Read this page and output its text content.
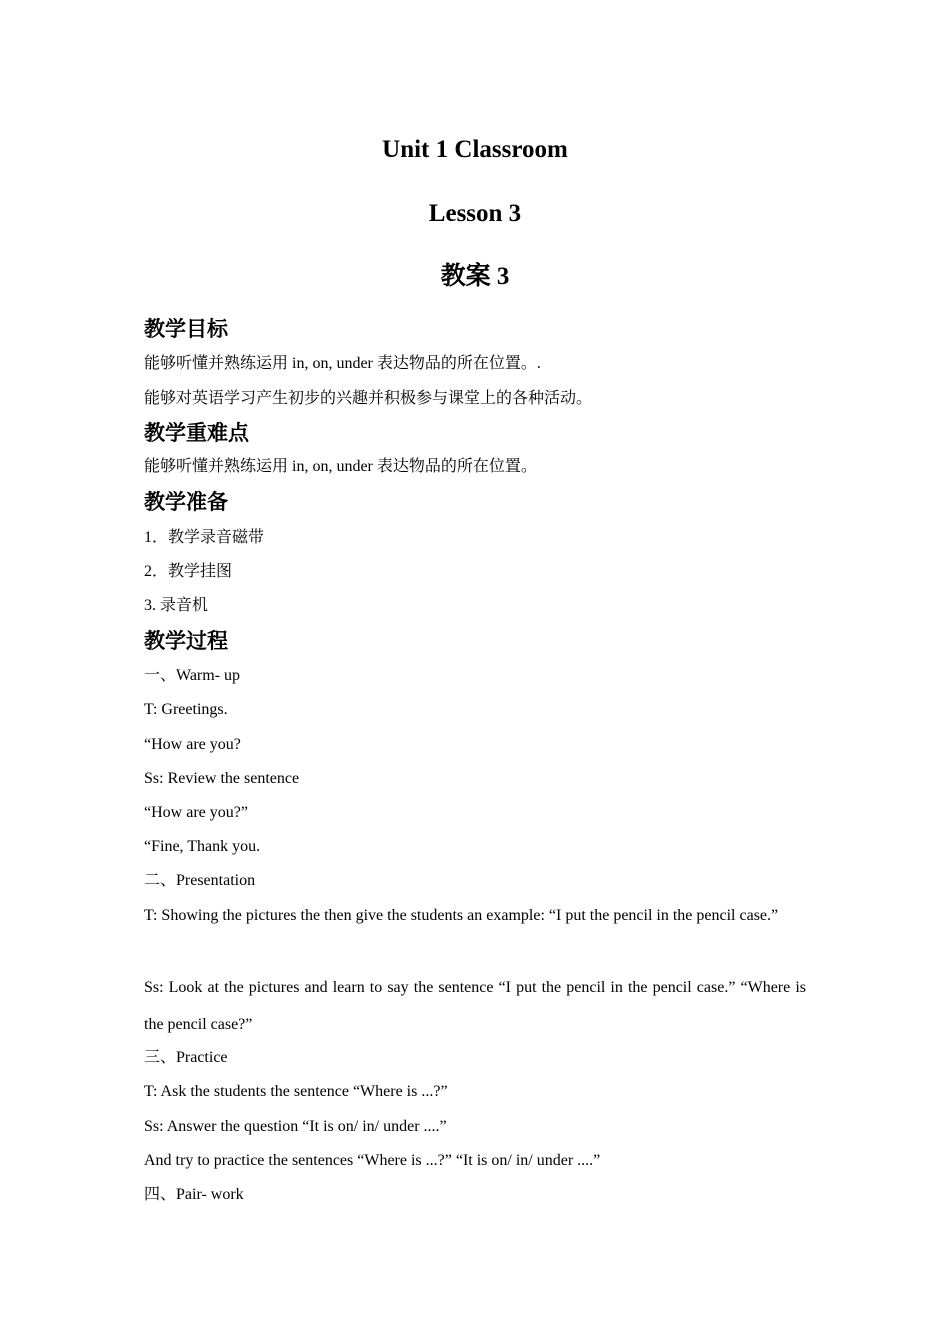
Unit 1 Classroom
Lesson 3
教案 3
教学目标
能够听懂并熟练运用 in, on, under 表达物品的所在位置。.
能够对英语学习产生初步的兴趣并积极参与课堂上的各种活动。
教学重难点
能够听懂并熟练运用 in, on, under 表达物品的所在位置。
教学准备
1．教学录音磁带
2．教学挂图
3. 录音机
教学过程
一、Warm- up
T: Greetings.
“How are you?
Ss: Review the sentence
“How are you?”
“Fine, Thank you.
二、Presentation
T: Showing the pictures the then give the students an example: “I put the pencil in the pencil case.”
Ss: Look at the pictures and learn to say the sentence “I put the pencil in the pencil case.” “Where is the pencil case?”
三、Practice
T: Ask the students the sentence “Where is ...?”
Ss: Answer the question “It is on/ in/ under ....”
And try to practice the sentences “Where is ...?” “It is on/ in/ under ....”
四、Pair- work
